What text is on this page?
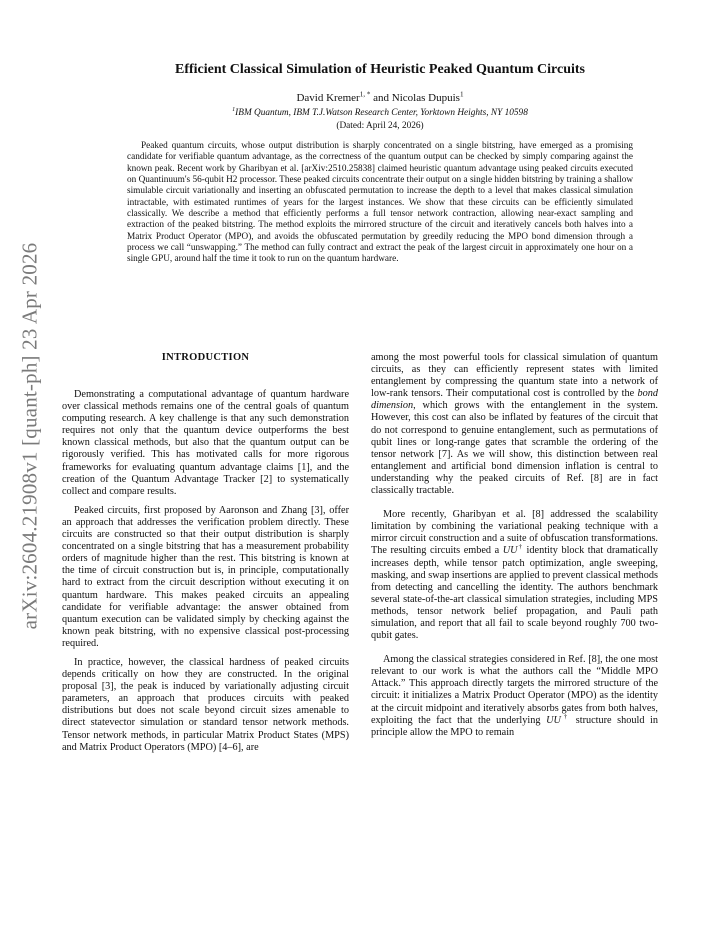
arXiv:2604.21908v1 [quant-ph] 23 Apr 2026
Efficient Classical Simulation of Heuristic Peaked Quantum Circuits
David Kremer$^{1, *}$ and Nicolas Dupuis$^1$
$^1$IBM Quantum, IBM T.J.Watson Research Center, Yorktown Heights, NY 10598
(Dated: April 24, 2026)

Peaked quantum circuits, whose output distribution is sharply concentrated on a single bitstring, have emerged as a promising candidate for verifiable quantum advantage, as the correctness of the quantum output can be checked by simply comparing against the known peak. Recent work by Gharibyan et al. [arXiv:2510.25838] claimed heuristic quantum advantage using peaked circuits executed on Quantinuum's 56-qubit H2 processor. These peaked circuits concentrate their output on a single hidden bitstring by training a shallow simulable circuit variationally and inserting an obfuscated permutation to increase the depth to a level that makes classical simulation intractable, with estimated runtimes of years for the largest instances. We show that these circuits can be efficiently simulated classically. We describe a method that efficiently performs a full tensor network contraction, allowing near-exact sampling and extraction of the peaked bitstring. The method exploits the mirrored structure of the circuit and iteratively cancels both halves into a Matrix Product Operator (MPO), and avoids the obfuscated permutation by greedily reducing the MPO bond dimension through a process we call “unswapping.” The method can fully contract and extract the peak of the largest circuit in approximately one hour on a single GPU, around half the time it took to run on the quantum hardware.

INTRODUCTION

Demonstrating a computational advantage of quantum hardware over classical methods remains one of the central goals of quantum computing research. A key challenge is that any such demonstration requires not only that the quantum device outperforms the best known classical methods, but also that the quantum output can be rigorously verified. This has motivated calls for more rigorous frameworks for evaluating quantum advantage claims [1], and the creation of the Quantum Advantage Tracker [2] to systematically collect and compare results.

Peaked circuits, first proposed by Aaronson and Zhang [3], offer an approach that addresses the verification problem directly. These circuits are constructed so that their output distribution is sharply concentrated on a single bitstring that has a measurement probability orders of magnitude higher than the rest. This bitstring is known at the time of circuit construction but is, in principle, computationally hard to extract from the circuit description without executing it on quantum hardware. This makes peaked circuits an appealing candidate for verifiable advantage: the answer obtained from quantum execution can be validated simply by checking against the known peak bitstring, with no expensive classical post-processing required.

In practice, however, the classical hardness of peaked circuits depends critically on how they are constructed. In the original proposal [3], the peak is induced by variationally adjusting circuit parameters, an approach that produces circuits with peaked distributions but does not scale beyond circuit sizes amenable to direct statevector simulation or standard tensor network methods. Tensor network methods, in particular Matrix Product States (MPS) and Matrix Product Operators (MPO) [4–6], are

among the most powerful tools for classical simulation of quantum circuits, as they can efficiently represent states with limited entanglement by compressing the quantum state into a network of low-rank tensors. Their computational cost is controlled by the bond dimension, which grows with the entanglement in the system. However, this cost can also be inflated by features of the circuit that do not correspond to genuine entanglement, such as permutations of qubit lines or long-range gates that scramble the ordering of the tensor network [7]. As we will show, this distinction between real entanglement and artificial bond dimension inflation is central to understanding why the peaked circuits of Ref. [8] are in fact classically tractable.

More recently, Gharibyan et al. [8] addressed the scalability limitation by combining the variational peaking technique with a mirror circuit construction and a suite of obfuscation transformations. The resulting circuits embed a UU† identity block that dramatically increases depth, while tensor patch optimization, angle sweeping, masking, and swap insertions are applied to prevent classical methods from detecting and cancelling the identity. The authors benchmark several state-of-the-art classical simulation strategies, including MPS methods, tensor network belief propagation, and Pauli path simulation, and report that all fail to scale beyond roughly 700 two-qubit gates.

Among the classical strategies considered in Ref. [8], the one most relevant to our work is what the authors call the “Middle MPO Attack.” This approach directly targets the mirrored structure of the circuit: it initializes a Matrix Product Operator (MPO) as the identity at the circuit midpoint and iteratively absorbs gates from both halves, exploiting the fact that the underlying UU† structure should in principle allow the MPO to remain
